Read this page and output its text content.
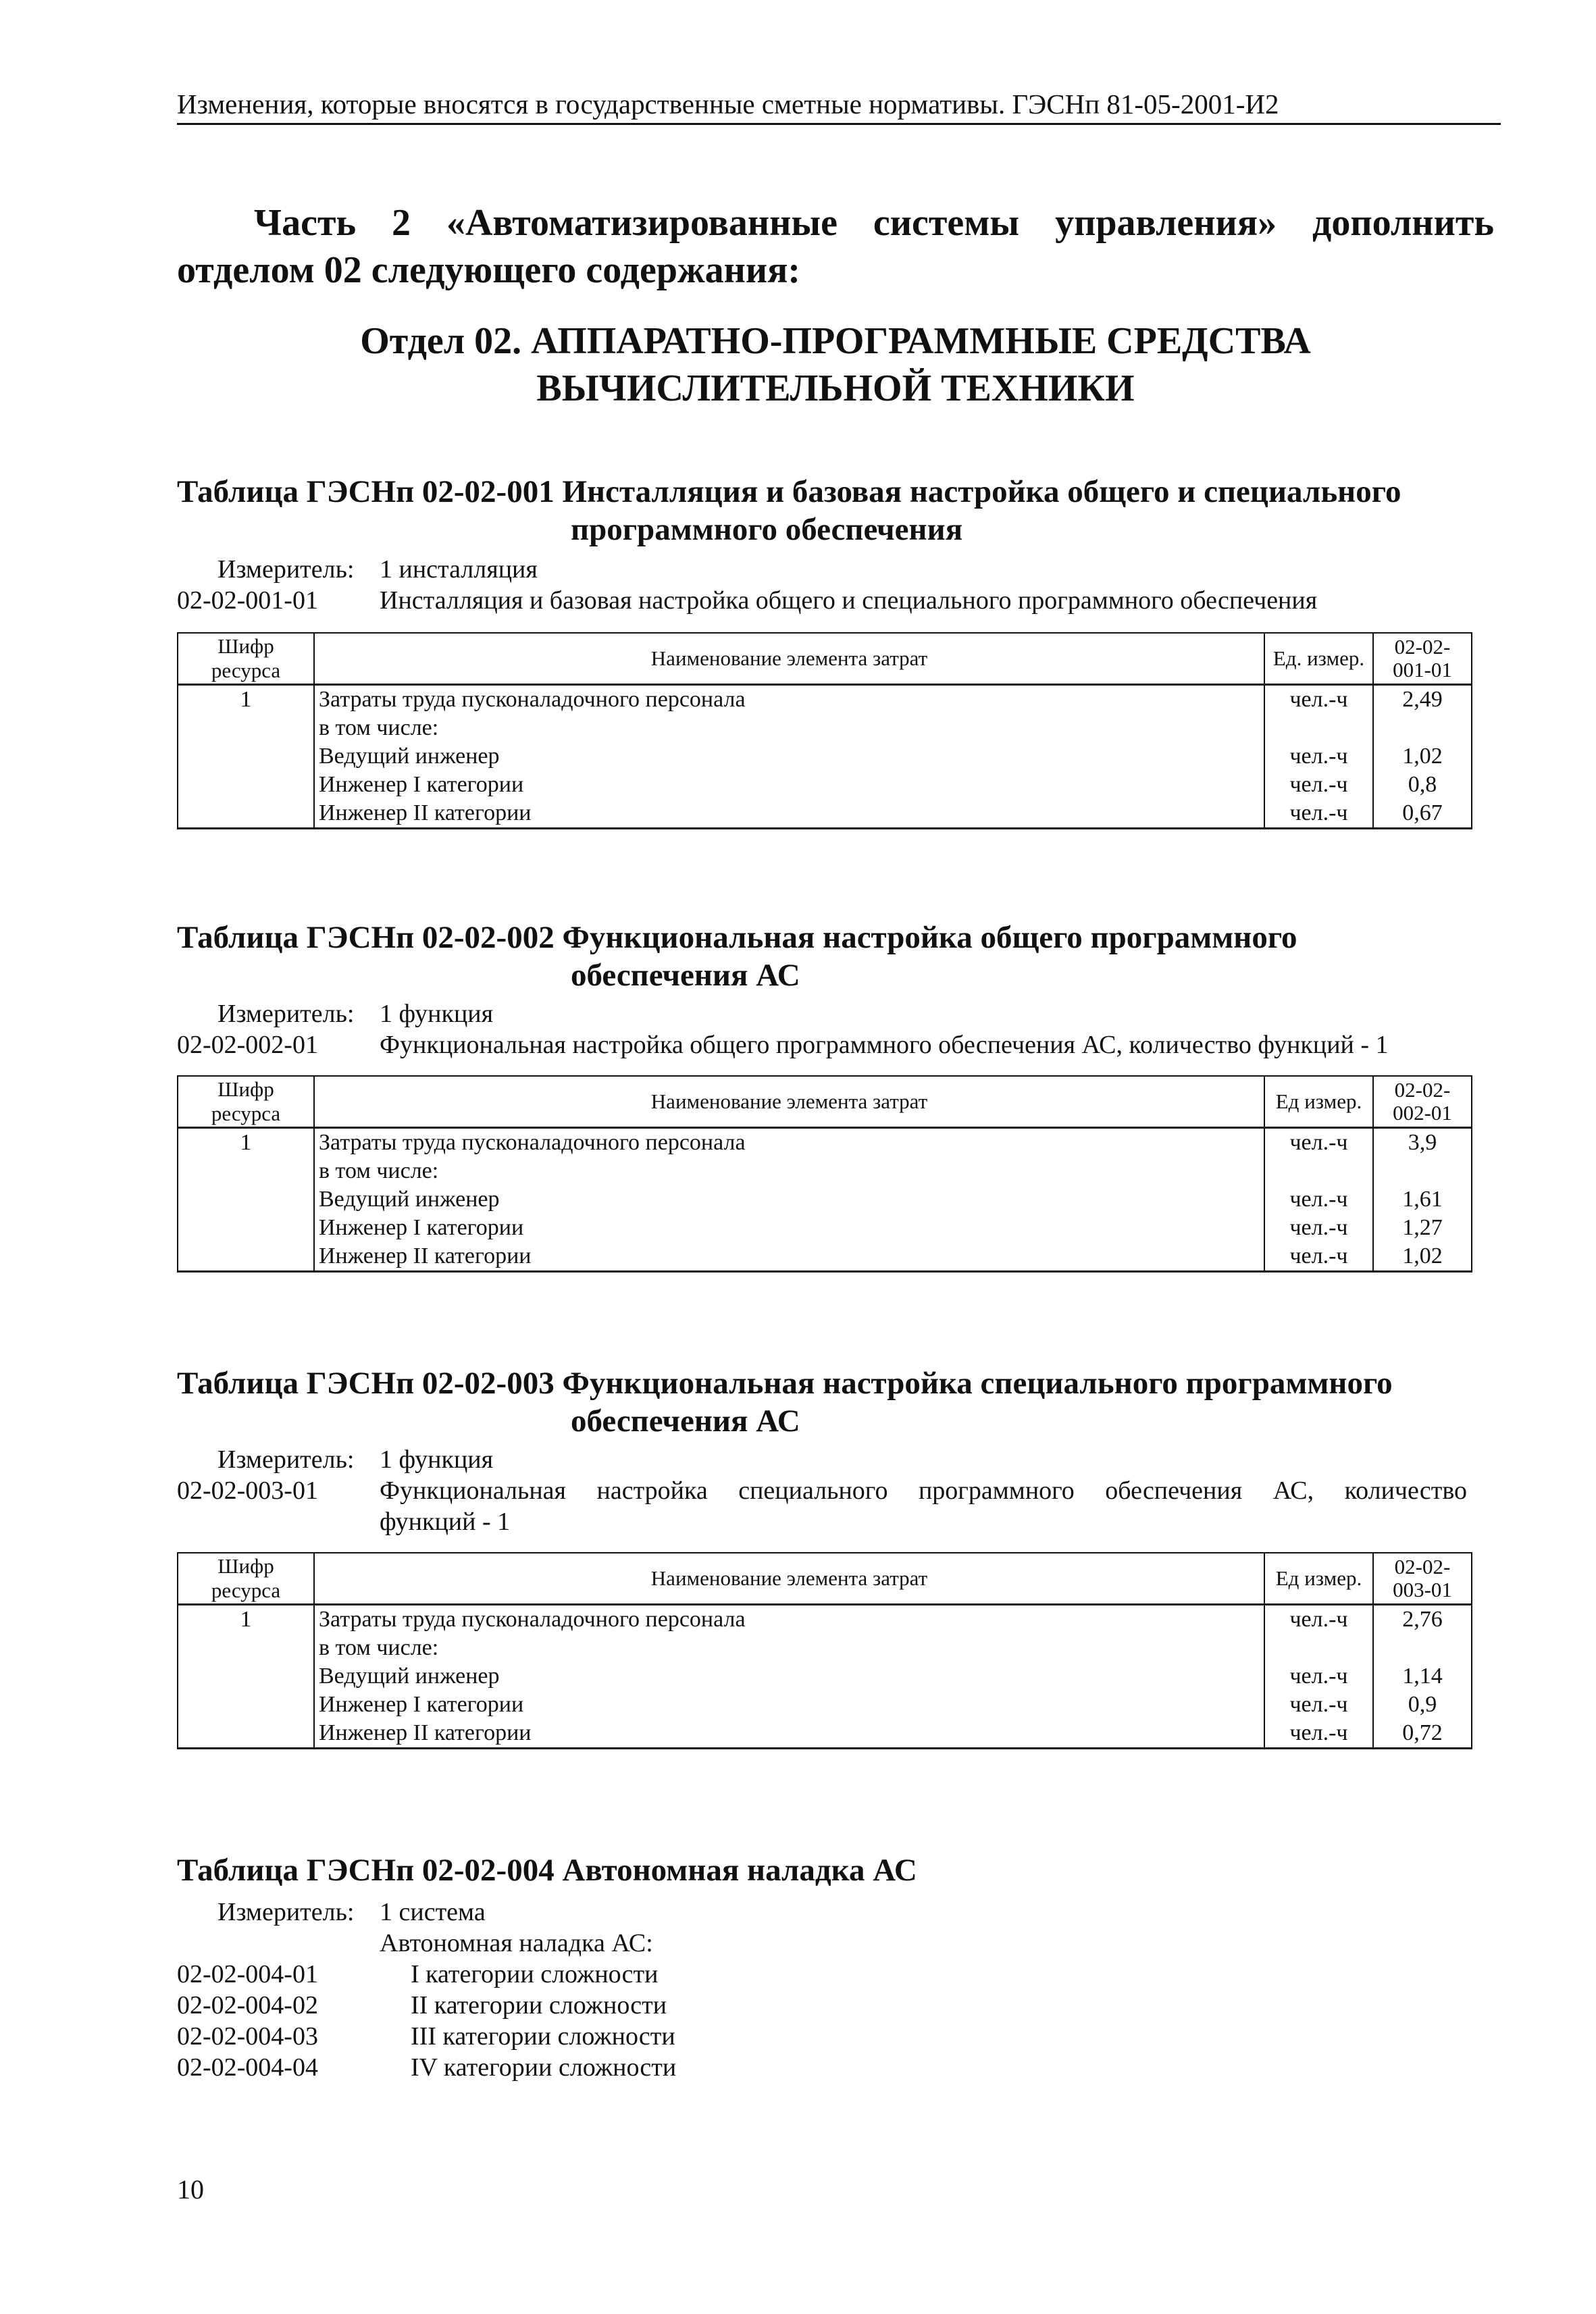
Изменения, которые вносятся в государственные сметные нормативы. ГЭСНп 81-05-2001-И2
Часть 2 «Автоматизированные системы управления» дополнить
отделом 02 следующего содержания:
Отдел 02. АППАРАТНО-ПРОГРАММНЫЕ СРЕДСТВА
ВЫЧИСЛИТЕЛЬНОЙ ТЕХНИКИ
Таблица ГЭСНп 02-02-001 Инсталляция и базовая настройка общего и специального
программного обеспечения
Измеритель: 1 инсталляция
02-02-001-01	Инсталляция и базовая настройка общего и специального программного обеспечения
Шифр ресурса	Наименование элемента затрат	Ед. измер.	02-02-
001-01
1	Затраты труда пусконаладочного персонала	чел.-ч	2,49
	в том числе:		
	Ведущий инженер	чел.-ч	1,02
	Инженер I категории	чел.-ч	0,8
	Инженер II категории	чел.-ч	0,67
Таблица ГЭСНп 02-02-002 Функциональная настройка общего программного
обеспечения АС
Измеритель: 1 функция
02-02-002-01	Функциональная настройка общего программного обеспечения АС, количество функций - 1
Шифр ресурса	Наименование элемента затрат	Ед измер.	02-02-
002-01
1	Затраты труда пусконаладочного персонала	чел.-ч	3,9
	в том числе:		
	Ведущий инженер	чел.-ч	1,61
	Инженер I категории	чел.-ч	1,27
	Инженер II категории	чел.-ч	1,02
Таблица ГЭСНп 02-02-003 Функциональная настройка специального программного
обеспечения АС
Измеритель: 1 функция
02-02-003-01	Функциональная настройка специального программного обеспечения АС, количество
функций - 1
Шифр ресурса	Наименование элемента затрат	Ед измер.	02-02-
003-01
1	Затраты труда пусконаладочного персонала	чел.-ч	2,76
	в том числе:		
	Ведущий инженер	чел.-ч	1,14
	Инженер I категории	чел.-ч	0,9
	Инженер II категории	чел.-ч	0,72
Таблица ГЭСНп 02-02-004 Автономная наладка АС
Измеритель: 1 система
Автономная наладка АС:
02-02-004-01	I категории сложности
02-02-004-02	II категории сложности
02-02-004-03	III категории сложности
02-02-004-04	IV категории сложности
10
